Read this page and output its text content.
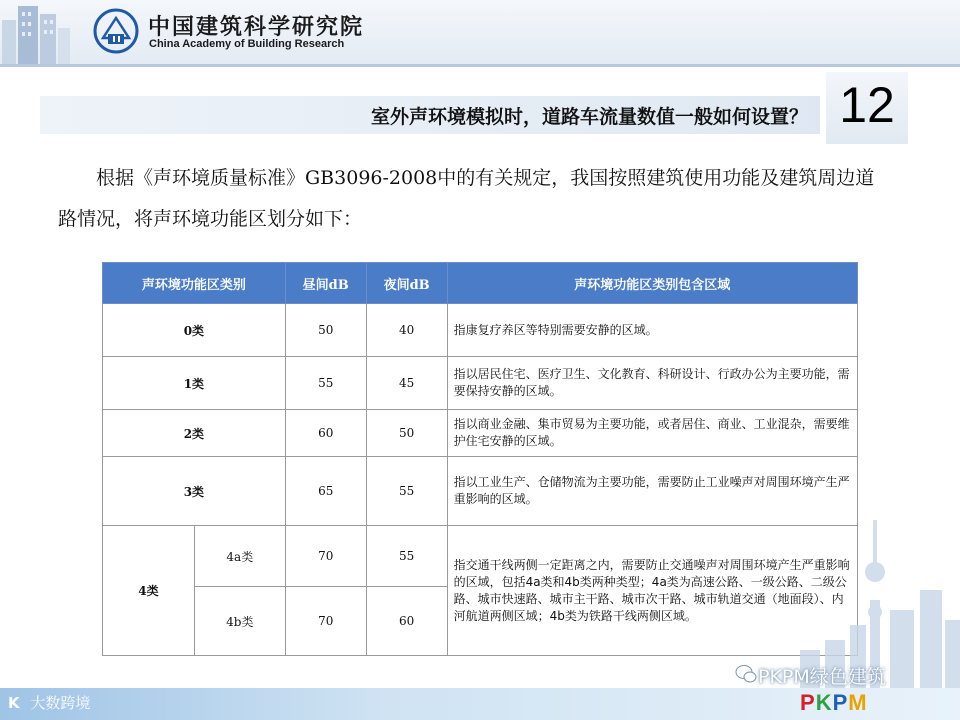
中国建筑科学研究院
China Academy of Building Research
室外声环境模拟时，道路车流量数值一般如何设置？ 12
根据《声环境质量标准》GB3096-2008中的有关规定，我国按照建筑使用功能及建筑周边道路情况，将声环境功能区划分如下：
声环境功能区类别		昼间dB	夜间dB	声环境功能区类别包含区域
0类		50	40	指康复疗养区等特别需要安静的区域。
1类		55	45	指以居民住宅、医疗卫生、文化教育、科研设计、行政办公为主要功能，需要保持安静的区域。
2类		60	50	指以商业金融、集市贸易为主要功能，或者居住、商业、工业混杂，需要维护住宅安静的区域。
3类		65	55	指以工业生产、仓储物流为主要功能，需要防止工业噪声对周围环境产生严重影响的区域。
4类	4a类	70	55	指交通干线两侧一定距离之内，需要防止交通噪声对周围环境产生严重影响的区域，包括4a类和4b类两种类型；4a类为高速公路、一级公路、二级公路、城市快速路、城市主干路、城市次干路、城市轨道交通（地面段）、内河航道两侧区域；4b类为铁路干线两侧区域。
	4b类	70	60	
K 大数跨境
PKPM绿色建筑
PKPM
